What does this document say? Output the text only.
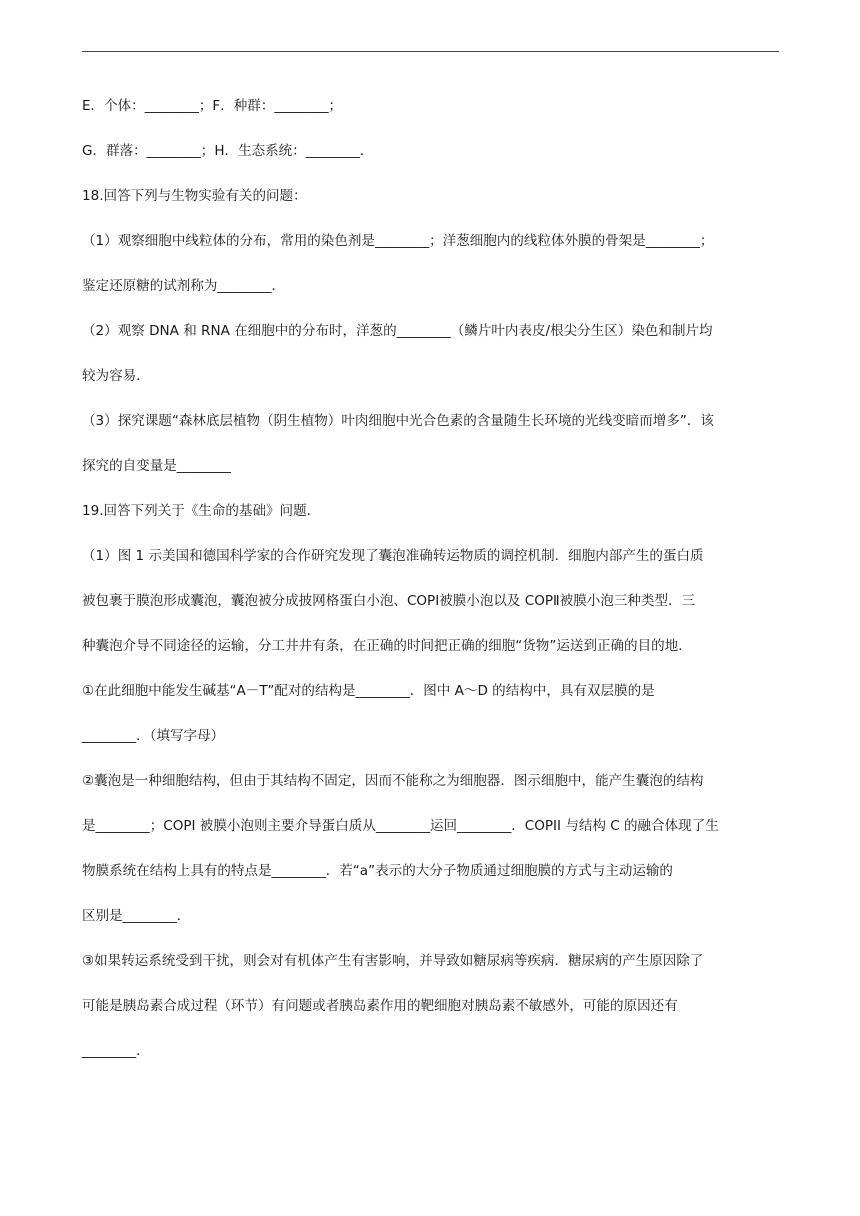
E．个体：________；F．种群：________；
G．群落：________；H．生态系统：________．
18.回答下列与生物实验有关的问题：
（1）观察细胞中线粒体的分布，常用的染色剂是________；洋葱细胞内的线粒体外膜的骨架是________；
鉴定还原糖的试剂称为________．
（2）观察 DNA 和 RNA 在细胞中的分布时，洋葱的________（鳞片叶内表皮/根尖分生区）染色和制片均
较为容易．
（3）探究课题“森林底层植物（阴生植物）叶肉细胞中光合色素的含量随生长环境的光线变暗而增多”．该
探究的自变量是________
19.回答下列关于《生命的基础》问题．
（1）图 1 示美国和德国科学家的合作研究发现了囊泡准确转运物质的调控机制．细胞内部产生的蛋白质
被包裹于膜泡形成囊泡，囊泡被分成披网格蛋白小泡、COPⅠ被膜小泡以及 COPⅡ被膜小泡三种类型．三
种囊泡介导不同途径的运输，分工井井有条，在正确的时间把正确的细胞“货物”运送到正确的目的地．
①在此细胞中能发生碱基“A－T”配对的结构是________．图中 A～D 的结构中，具有双层膜的是
________．（填写字母）
②囊泡是一种细胞结构，但由于其结构不固定，因而不能称之为细胞器．图示细胞中，能产生囊泡的结构
是________；COPI 被膜小泡则主要介导蛋白质从________运回________．COPII 与结构 C 的融合体现了生
物膜系统在结构上具有的特点是________．若“a”表示的大分子物质通过细胞膜的方式与主动运输的
区别是________．
③如果转运系统受到干扰，则会对有机体产生有害影响，并导致如糖尿病等疾病．糖尿病的产生原因除了
可能是胰岛素合成过程（环节）有问题或者胰岛素作用的靶细胞对胰岛素不敏感外，可能的原因还有
________．
